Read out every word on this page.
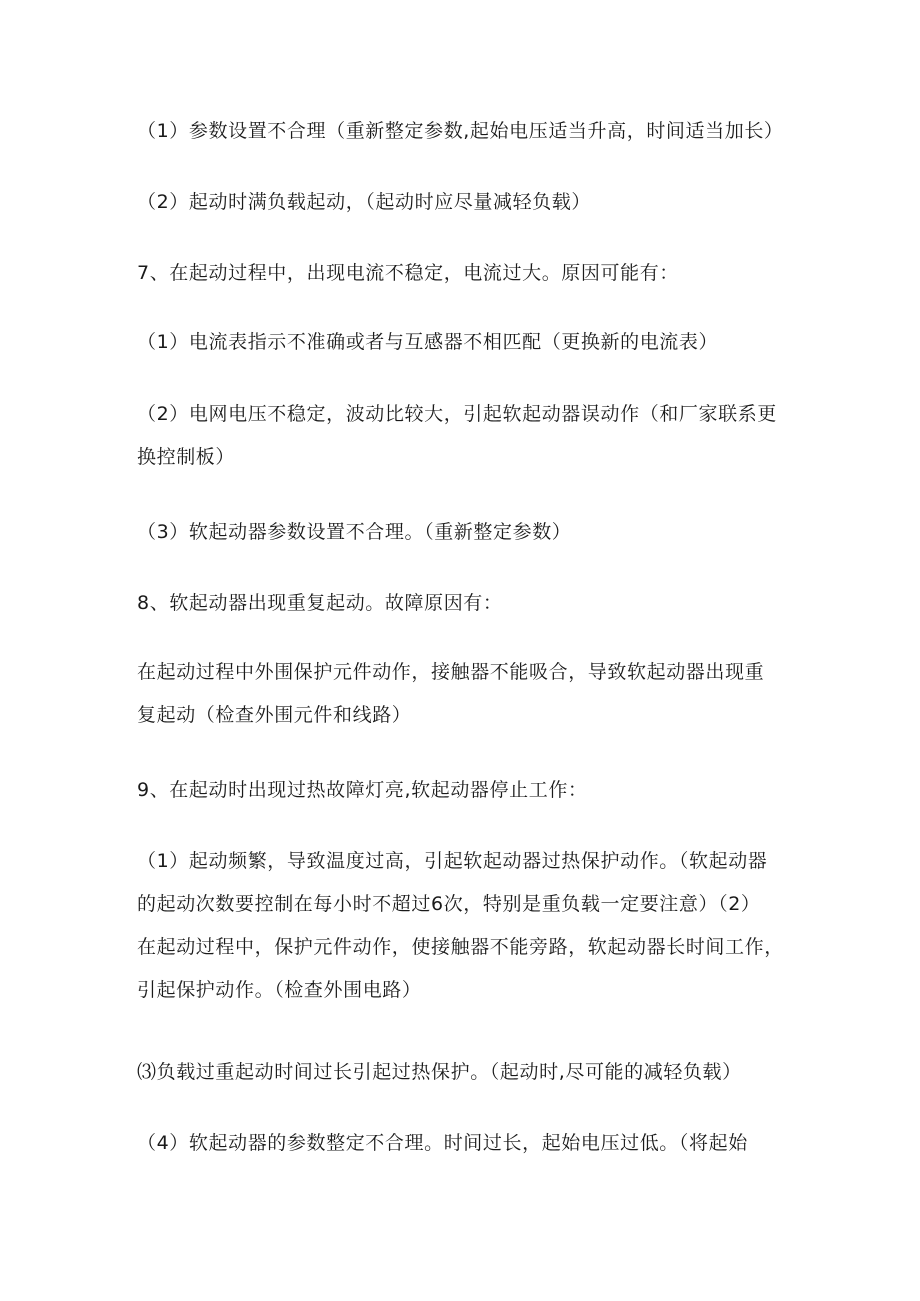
（1）参数设置不合理（重新整定参数,起始电压适当升高，时间适当加长）

（2）起动时满负载起动，（起动时应尽量减轻负载）

7、在起动过程中，出现电流不稳定，电流过大。原因可能有：

（1）电流表指示不准确或者与互感器不相匹配（更换新的电流表）

（2）电网电压不稳定，波动比较大，引起软起动器误动作（和厂家联系更
换控制板）

（3）软起动器参数设置不合理。（重新整定参数）

8、软起动器出现重复起动。故障原因有：

在起动过程中外围保护元件动作，接触器不能吸合，导致软起动器出现重
复起动（检查外围元件和线路）

9、在起动时出现过热故障灯亮,软起动器停止工作：

（1）起动频繁，导致温度过高，引起软起动器过热保护动作。（软起动器
的起动次数要控制在每小时不超过6次，特别是重负载一定要注意）（2）
在起动过程中，保护元件动作，使接触器不能旁路，软起动器长时间工作，
引起保护动作。（检查外围电路）

⑶负载过重起动时间过长引起过热保护。（起动时,尽可能的减轻负载）

（4）软起动器的参数整定不合理。时间过长，起始电压过低。（将起始
